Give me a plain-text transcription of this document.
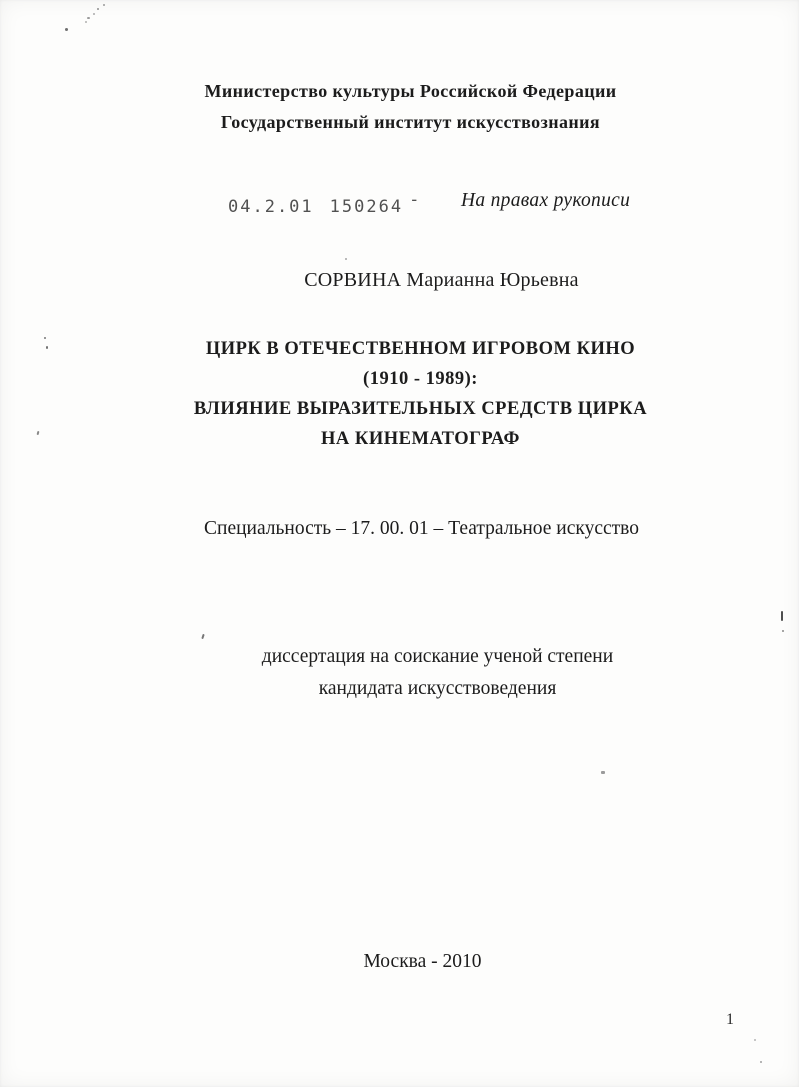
Министерство культуры Российской Федерации
Государственный институт искусствознания
04.2.01 150264 - На правах рукописи
СОРВИНА Марианна Юрьевна
ЦИРК В ОТЕЧЕСТВЕННОМ ИГРОВОМ КИНО
(1910 - 1989):
ВЛИЯНИЕ ВЫРАЗИТЕЛЬНЫХ СРЕДСТВ ЦИРКА
НА КИНЕМАТОГРАФ
Специальность – 17. 00. 01 – Театральное искусство
диссертация на соискание ученой степени
кандидата искусствоведения
Москва - 2010
1
